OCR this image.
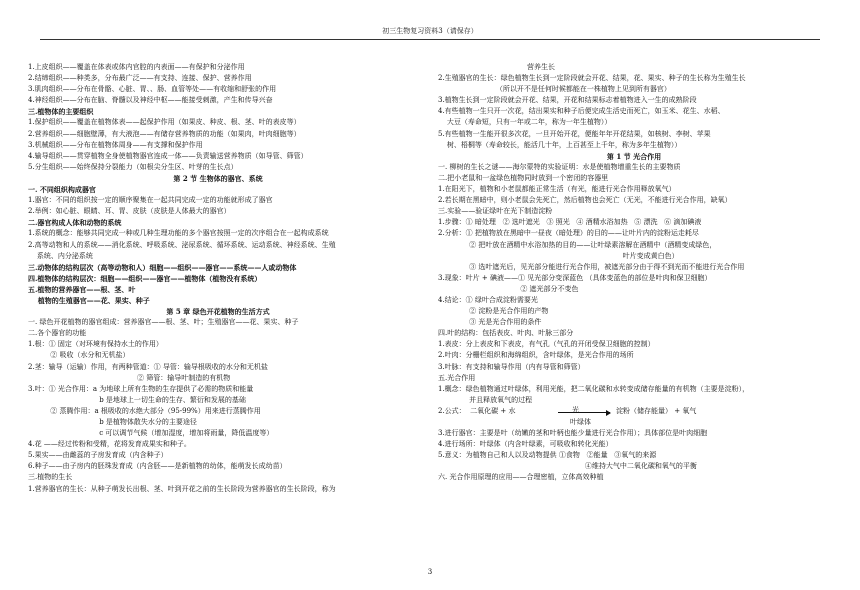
初三生物复习资料3（请保存）
1.上皮组织——覆盖在体表或体内官腔的内表面——有保护和分泌作用
2.结缔组织——种类多，分布最广泛——有支持、连接、保护、营养作用
3.肌肉组织——分布在骨骼、心脏、胃、、肠、血管等处——有收缩和舒张的作用
4.神经组织——分布在脑、脊髓以及神经中枢——能接受刺激，产生和传导兴奋
三.植物体的主要组织
1.保护组织——覆盖在植物体表——起保护作用（如果皮、种皮、根、茎、叶的表皮等）
2.营养组织——细胞壁薄，有大液泡——有储存营养物质的功能（如果肉，叶肉细胞等）
3.机械组织——分布在植物体周身——有支撑和保护作用
4.输导组织——贯穿植物全身使植物器官连成一体——负责输送营养物质（如导管、筛管）
5.分生组织——始终保持分裂能力（如根尖分生区、叶芽的生长点）
第 2 节 生物体的器官、系统
一. 不同组织构成器官
1.器官：不同的组织按一定的顺序聚集在一起共同完成一定的功能就形成了器官
2.举例：如心脏、眼睛、耳、胃、皮肤（皮肤是人体最大的器官）
二.器官构成人体和动物的系统
1.系统的概念：能够共同完成一种或几种生理功能的多个器官按照一定的次序组合在一起构成系统
2.高等动物和人的系统——消化系统、呼吸系统、泌尿系统、循环系统、运动系统、神经系统、生殖
系统、内分泌系统
三.动物体的结构层次（高等动物和人）细胞——组织——器官——系统——人或动物体
四.植物体的结构层次：细胞——组织——器官——植物体（植物没有系统）
五.植物的营养器官——根、茎、叶
植物的生殖器官——花、果实、种子
第 5 章 绿色开花植物的生活方式
一. 绿色开花植物的器官组成：营养器官——根、茎、叶；生殖器官——花、果实、种子
二.各个器官的功能
1.根：① 固定（对环境有保持水土的作用）
② 吸收（水分和无机盐）
2.茎：输导（运输）作用，有两种管道：① 导管：输导根吸收的水分和无机盐
② 筛管：输导叶制造的有机物
3.叶：① 光合作用：a 为地球上所有生物的生存提供了必需的物质和能量
b 是地球上一切生命的生存、繁衍和发展的基础
② 蒸腾作用：a 根吸收的水绝大部分（95-99%）用来进行蒸腾作用
b 是植物体散失水分的主要途径
c 可以调节气候（增加湿度，增加将雨量，降低温度等）
4.花 ——经过传粉和受精，花将发育成果实和种子。
5.果实——由雌蕊的子房发育成（内含种子）
6.种子——由子房内的胚珠发育成（内含胚——是新植物的幼体，能萌发长成幼苗）
三.植物的生长
1.营养器官的生长：从种子萌发长出根、茎、叶到开花之前的生长阶段为营养器官的生长阶段，称为
营养生长
2.生殖器官的生长：绿色植物生长到一定阶段就会开花、结果，花、果实、种子的生长称为生殖生长
（所以开不是任何时候都能在一株植物上见到所有器官）
3.植物生长到一定阶段就会开花、结果，开花和结果标志着植物进入一生的成熟阶段
4.有些植物一生只开一次花，结出果实和种子后便完成生活史而死亡，如玉米、花生、水稻、
大豆（寿命短，只有一年或二年，称为一年生植物））
5.有些植物一生能开很多次花，一旦开始开花，便能年年开花结果，如核树、李树、苹果
树、梧桐等（寿命较长，能活几十年，上百甚至上千年，称为多年生植物））
第 1 节 光合作用
一. 柳树的生长之谜——海尔蒙特的实验证明：水是使植物增重生长的主要物质
二.把小老鼠和一盆绿色植物同时放到一个密闭的容器里
1.在阳光下，植物和小老鼠都能正常生活（有光，能进行光合作用释放氧气）
2.若长期在黑暗中，则小老鼠会先死亡，然后植物也会死亡（无光，不能进行光合作用，缺氧）
三.实验——验证绿叶在光下制造淀粉
1.步骤：① 暗处理   ② 选叶遮光   ③ 照光   ④ 酒精水浴加热   ⑤ 漂洗   ⑥ 滴加碘液
2.分析：① 把植物放在黑暗中一昼夜（暗处理）的目的——让叶片内的淀粉运走耗尽
② 把叶放在酒精中水浴加热的目的——让叶绿素溶解在酒精中（酒精变成绿色，
叶片变成黄白色）
③ 选叶遮光后，见光部分能进行光合作用，被遮光部分由于得不到光而不能进行光合作用
3.现象：叶片 + 碘液——① 见光部分变深蓝色 （具体变蓝色的部位是叶肉和保卫细胞）
② 遮光部分不变色
4.结论：① 绿叶合成淀粉需要光
② 淀粉是光合作用的产物
③ 光是光合作用的条件
四.叶的结构：包括表皮、叶肉、叶脉三部分
1.表皮：分上表皮和下表皮，有气孔（气孔的开闭受保卫细胞的控制）
2.叶肉：分栅栏组织和海绵组织，含叶绿体，是光合作用的场所
3.叶脉：有支持和输导作用（内有导管和筛管）
五.光合作用
1.概念：绿色植物通过叶绿体，利用光能，把二氧化碳和水转变成储存能量的有机物（主要是淀粉），
并且释放氧气的过程

2.公式： 二氧化碳 + 水

	光

	淀粉（储存能量） + 氧气

叶绿体

3.进行器官：主要是叶（幼嫩的茎和叶柄也能少量进行光合作用）；具体部位是叶肉细胞
4.进行场所：叶绿体（内含叶绿素，可吸收和转化光能）
5.意义：为植物自己和人以及动物提供 ①食物   ②能量   ③氧气的来源
④维持大气中二氧化碳和氧气的平衡
六. 光合作用原理的应用——合理密植，立体高效种植
3
